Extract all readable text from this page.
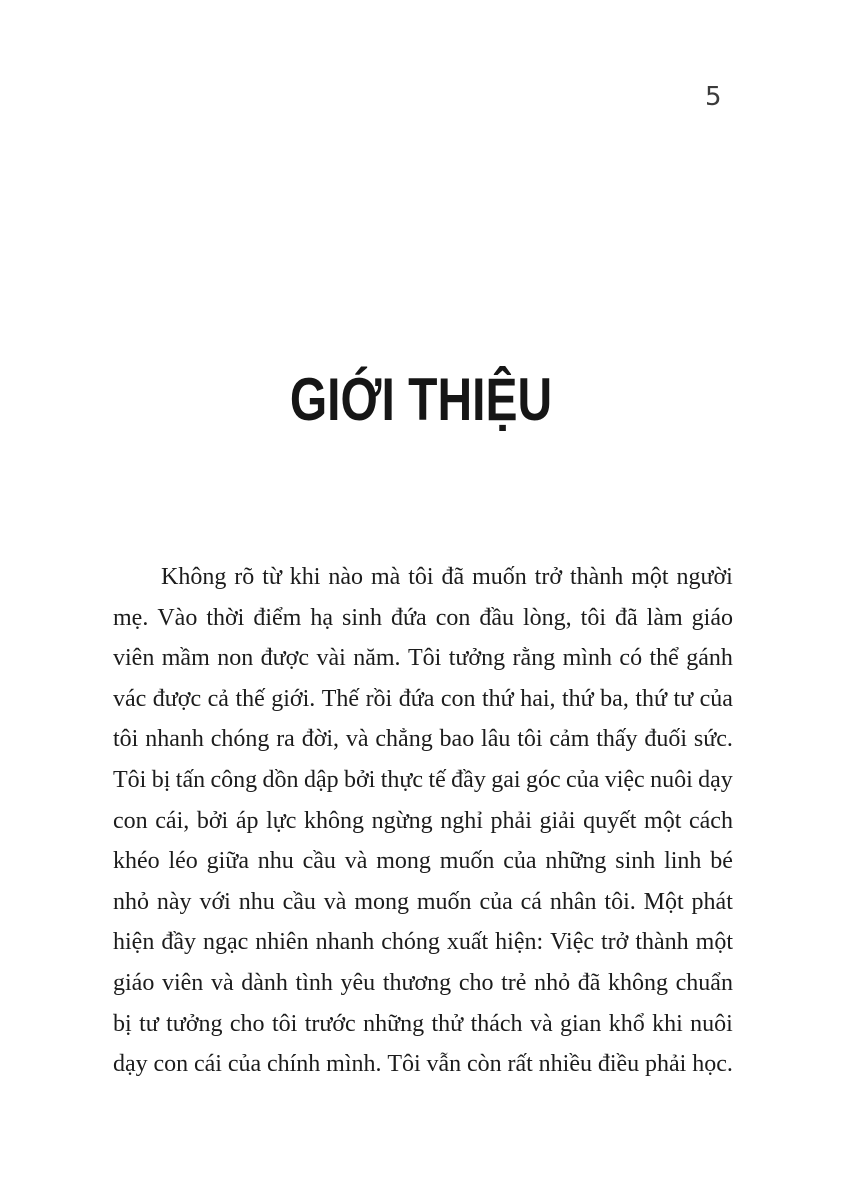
5
GIỚI THIỆU
Không rõ từ khi nào mà tôi đã muốn trở thành một người
mẹ. Vào thời điểm hạ sinh đứa con đầu lòng, tôi đã làm giáo
viên mầm non được vài năm. Tôi tưởng rằng mình có thể gánh
vác được cả thế giới. Thế rồi đứa con thứ hai, thứ ba, thứ tư của
tôi nhanh chóng ra đời, và chẳng bao lâu tôi cảm thấy đuối sức.
Tôi bị tấn công dồn dập bởi thực tế đầy gai góc của việc nuôi dạy
con cái, bởi áp lực không ngừng nghỉ phải giải quyết một cách
khéo léo giữa nhu cầu và mong muốn của những sinh linh bé
nhỏ này với nhu cầu và mong muốn của cá nhân tôi. Một phát
hiện đầy ngạc nhiên nhanh chóng xuất hiện: Việc trở thành một
giáo viên và dành tình yêu thương cho trẻ nhỏ đã không chuẩn
bị tư tưởng cho tôi trước những thử thách và gian khổ khi nuôi
dạy con cái của chính mình. Tôi vẫn còn rất nhiều điều phải học.
